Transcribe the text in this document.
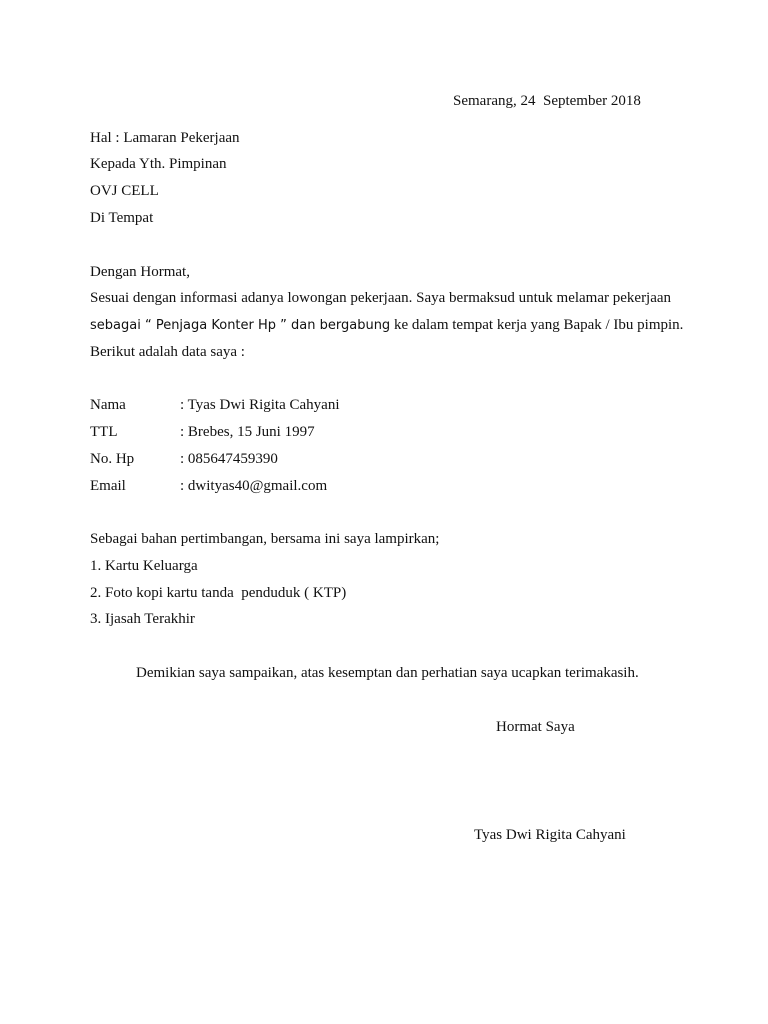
Semarang, 24  September 2018
Hal : Lamaran Pekerjaan
Kepada Yth. Pimpinan
OVJ CELL
Di Tempat
Dengan Hormat,
Sesuai dengan informasi adanya lowongan pekerjaan. Saya bermaksud untuk melamar pekerjaan
sebagai “ Penjaga Konter Hp ” dan bergabung ke dalam tempat kerja yang Bapak / Ibu pimpin.
Berikut adalah data saya :
Nama	: Tyas Dwi Rigita Cahyani
TTL	: Brebes, 15 Juni 1997
No. Hp	: 085647459390
Email	: dwityas40@gmail.com
Sebagai bahan pertimbangan, bersama ini saya lampirkan;
1. Kartu Keluarga
2. Foto kopi kartu tanda  penduduk ( KTP)
3. Ijasah Terakhir
Demikian saya sampaikan, atas kesemptan dan perhatian saya ucapkan terimakasih.
Hormat Saya
Tyas Dwi Rigita Cahyani
